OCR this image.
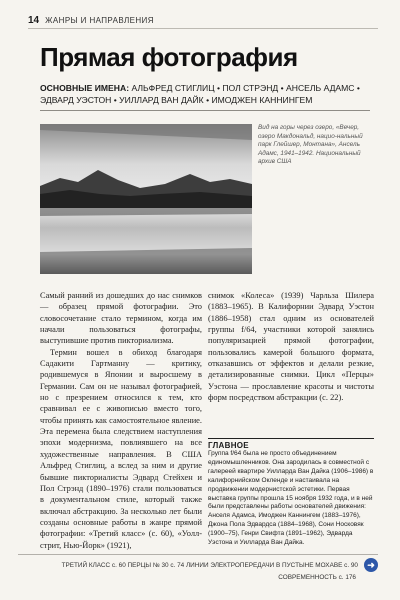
14 ЖАНРЫ И НАПРАВЛЕНИЯ
Прямая фотография
ОСНОВНЫЕ ИМЕНА: АЛЬФРЕД СТИГЛИЦ • ПОЛ СТРЭНД • АНСЕЛЬ АДАМС • ЭДВАРД УЭСТОН • УИЛЛАРД ВАН ДАЙК • ИМОДЖЕН КАННИНГЕМ
Вид на горы через озеро, «Вечер, озеро Макдональд, нацио-нальный парк Глейшер, Монтана», Ансель Адамс, 1941–1942. Национальный архив США

Самый ранний из дошедших до нас снимков — образец прямой фотографии. Это словосочетание стало термином, когда им начали пользоваться фотографы, выступившие против пикториализма.

Термин вошел в обиход благодаря Садакити Гартманну — критику, родившемуся в Японии и выросшему в Германии. Сам он не называл фотографией, но с презрением относился к тем, кто сравнивал ее с живописью вместо того, чтобы принять как самостоятельное явление. Эта перемена была следствием наступления эпохи модернизма, повлиявшего на все художественные направления. В США Альфред Стиглиц, а вслед за ним и другие бывшие пикториалисты Эдвард Стейхен и Пол Стрэнд (1890–1976) стали пользоваться в документальном стиле, который также включал абстракцию. За несколько лет были созданы основные работы в жанре прямой фотографии: «Третий класс» (с. 60), «Уолл-стрит, Нью-Йорк» (1921),

снимок «Колеса» (1939) Чарльза Шилера (1883–1965). В Калифорнии Эдвард Уэстон (1886–1958) стал одним из основателей группы f/64, участники которой занялись популяризацией прямой фотографии, пользовались камерой большого формата, отказавшись от эффектов и делали резкие, детализированные снимки. Цикл «Перцы» Уэстона — прославление красоты и чистоты форм посредством абстракции (с. 22).

ГЛАВНОЕ
Группа f/64 была не просто объединением единомышленников. Она зародилась в совместной с галереей квартире Уилларда Ван Дайка (1906–1986) в калифорнийском Окленде и настаивала на продвижении модернистской эстетики. Первая выставка группы прошла 15 ноября 1932 года, и в ней были представлены работы основателей движения: Анселя Адамса, Имоджен Каннингем (1883–1976), Джона Пола Эдвардса (1884–1968), Сони Носковяк (1900–75), Генри Свифта (1891–1962), Эдварда Уэстона и Уилларда Ван Дайка.
ТРЕТИЙ КЛАСС с. 60 ПЕРЦЫ № 30 с. 74 ЛИНИИ ЭЛЕКТРОПЕРЕДАЧИ В ПУСТЫНЕ МОХАВЕ с. 90	➜
СОВРЕМЕННОСТЬ с. 176
